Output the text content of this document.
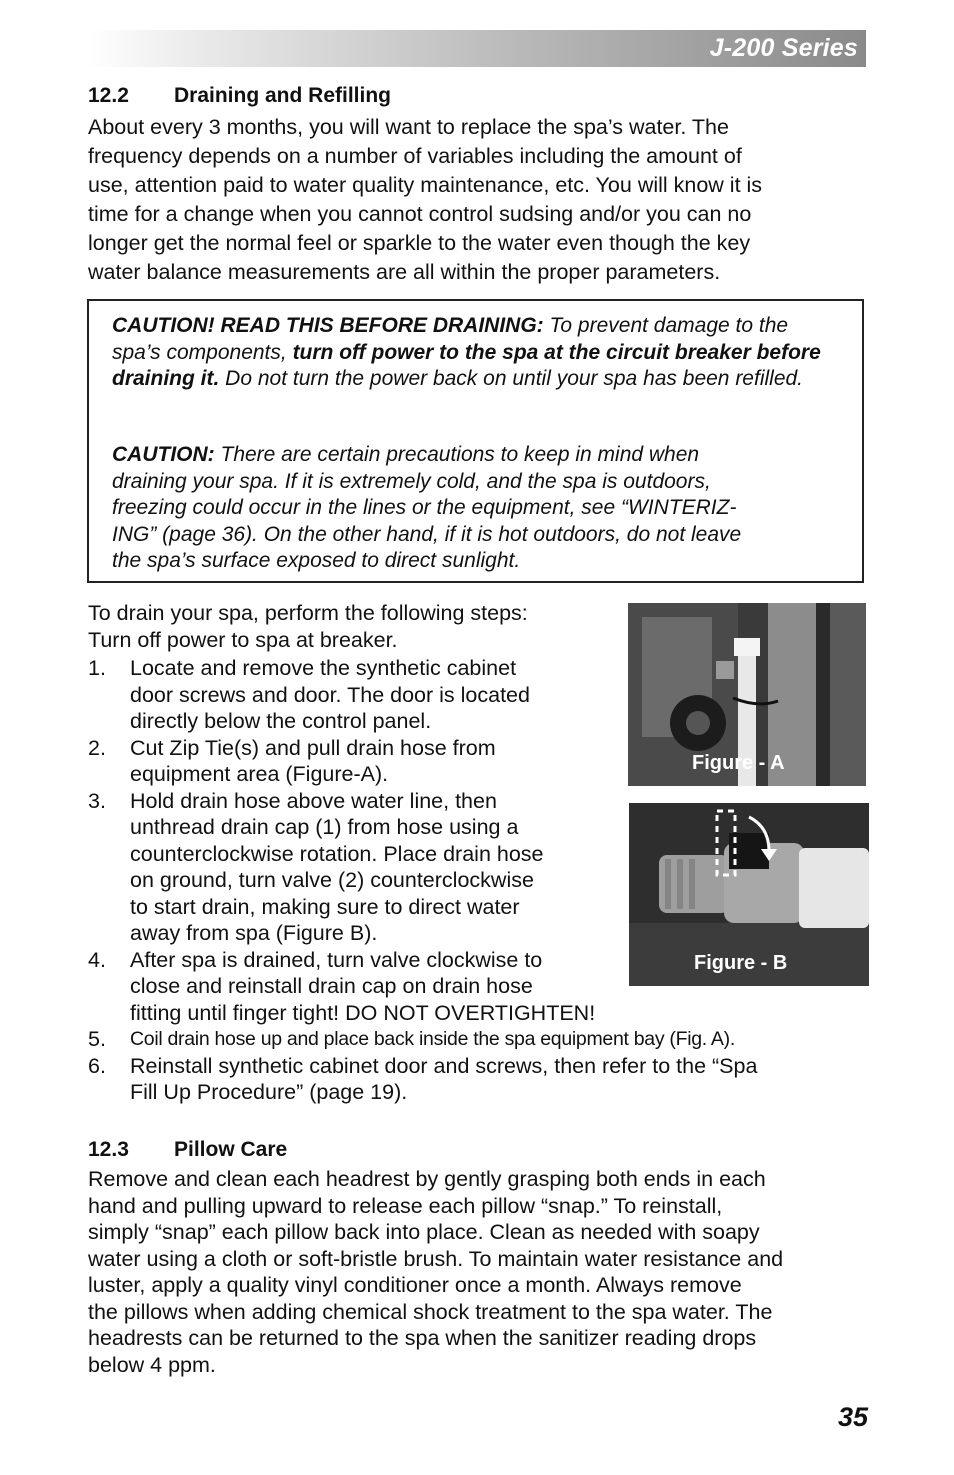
J-200 Series
12.2 Draining and Refilling
About every 3 months, you will want to replace the spa’s water. The
frequency depends on a number of variables including the amount of
use, attention paid to water quality maintenance, etc. You will know it is
time for a change when you cannot control sudsing and/or you can no
longer get the normal feel or sparkle to the water even though the key
water balance measurements are all within the proper parameters.

CAUTION! READ THIS BEFORE DRAINING: To prevent damage to the spa’s components, turn off power to the spa at the circuit breaker before draining it. Do not turn the power back on until your spa has been refilled.

CAUTION: There are certain precautions to keep in mind when
draining your spa. If it is extremely cold, and the spa is outdoors,
freezing could occur in the lines or the equipment, see “WINTERIZ-
ING” (page 36). On the other hand, if it is hot outdoors, do not leave
the spa’s surface exposed to direct sunlight.
To drain your spa, perform the following steps:
Turn off power to spa at breaker.
1.	Locate and remove the synthetic cabinet
door screws and door. The door is located
directly below the control panel.
2.	Cut Zip Tie(s) and pull drain hose from
equipment area (Figure-A).
3.	Hold drain hose above water line, then
unthread drain cap (1) from hose using a
counterclockwise rotation. Place drain hose
on ground, turn valve (2) counterclockwise
to start drain, making sure to direct water
away from spa (Figure B).
4.	After spa is drained, turn valve clockwise to
close and reinstall drain cap on drain hose
fitting until finger tight! DO NOT OVERTIGHTEN!
5.	Coil drain hose up and place back inside the spa equipment bay (Fig. A).
6.	Reinstall synthetic cabinet door and screws, then refer to the “Spa
Fill Up Procedure” (page 19).
Figure - A
Figure - B
12.3 Pillow Care
Remove and clean each headrest by gently grasping both ends in each
hand and pulling upward to release each pillow “snap.” To reinstall,
simply “snap” each pillow back into place. Clean as needed with soapy
water using a cloth or soft-bristle brush. To maintain water resistance and
luster, apply a quality vinyl conditioner once a month. Always remove
the pillows when adding chemical shock treatment to the spa water. The
headrests can be returned to the spa when the sanitizer reading drops
below 4 ppm.
35
